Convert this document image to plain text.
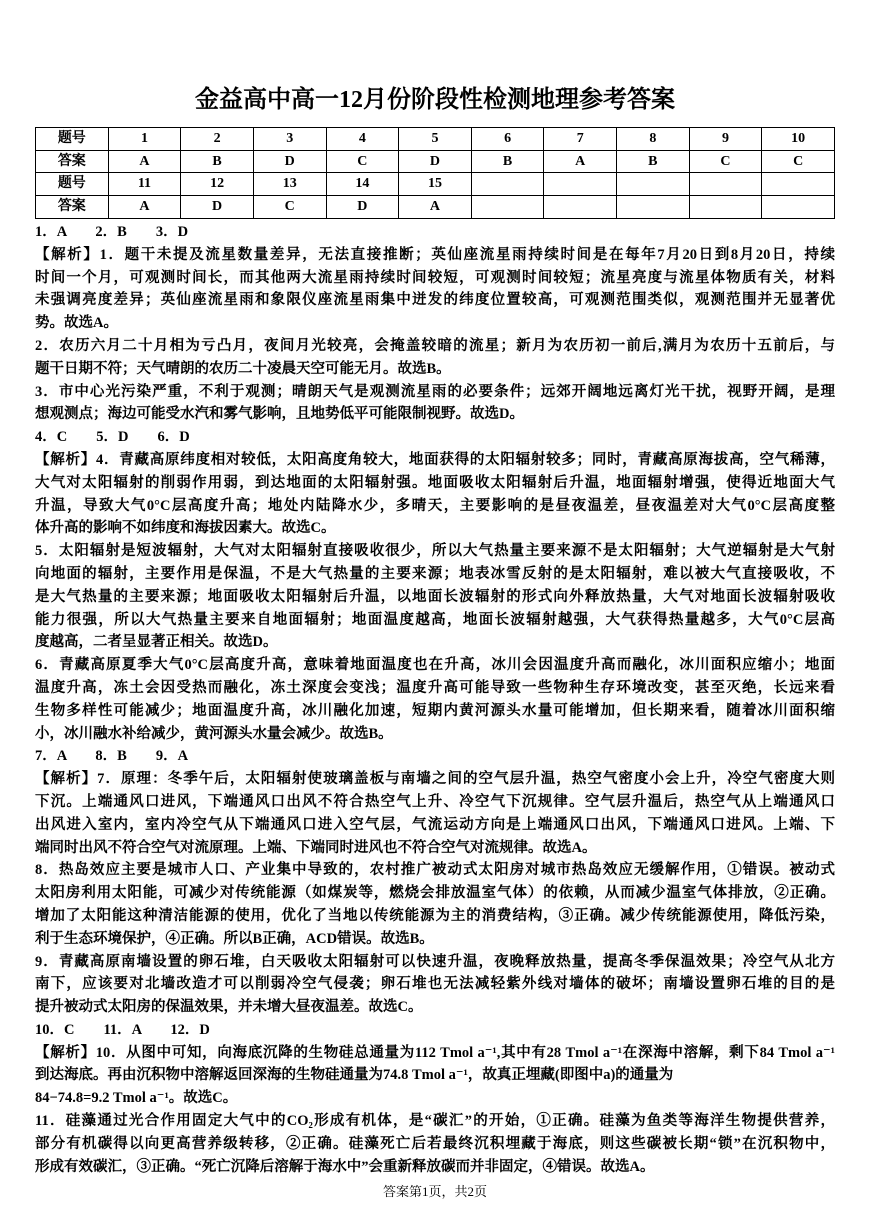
金益高中高一12月份阶段性检测地理参考答案
题号	1	2	3	4	5	6	7	8	9	10
答案	A	B	D	C	D	B	A	B	C	C
题号	11	12	13	14	15					
答案	A	D	C	D	A					
1．A　　2．B　　3．D
【解析】1．题干未提及流星数量差异，无法直接推断；英仙座流星雨持续时间是在每年7月20日到8月20日，持续
时间一个月，可观测时间长，而其他两大流星雨持续时间较短，可观测时间较短；流星亮度与流星体物质有关，材料
未强调亮度差异；英仙座流星雨和象限仪座流星雨集中迸发的纬度位置较高，可观测范围类似，观测范围并无显著优
势。故选A。
2．农历六月二十月相为亏凸月，夜间月光较亮，会掩盖较暗的流星；新月为农历初一前后,满月为农历十五前后，与
题干日期不符；天气晴朗的农历二十凌晨天空可能无月。故选B。
3．市中心光污染严重，不利于观测；晴朗天气是观测流星雨的必要条件；远郊开阔地远离灯光干扰，视野开阔，是理
想观测点；海边可能受水汽和雾气影响，且地势低平可能限制视野。故选D。
4．C　　5．D　　6．D
【解析】4．青藏高原纬度相对较低，太阳高度角较大，地面获得的太阳辐射较多；同时，青藏高原海拔高，空气稀薄，
大气对太阳辐射的削弱作用弱，到达地面的太阳辐射强。地面吸收太阳辐射后升温，地面辐射增强，使得近地面大气
升温，导致大气0°C层高度升高；地处内陆降水少，多晴天，主要影响的是昼夜温差，昼夜温差对大气0°C层高度整
体升高的影响不如纬度和海拔因素大。故选C。
5．太阳辐射是短波辐射，大气对太阳辐射直接吸收很少，所以大气热量主要来源不是太阳辐射；大气逆辐射是大气射
向地面的辐射，主要作用是保温，不是大气热量的主要来源；地表冰雪反射的是太阳辐射，难以被大气直接吸收，不
是大气热量的主要来源；地面吸收太阳辐射后升温，以地面长波辐射的形式向外释放热量，大气对地面长波辐射吸收
能力很强，所以大气热量主要来自地面辐射；地面温度越高，地面长波辐射越强，大气获得热量越多，大气0°C层高
度越高，二者呈显著正相关。故选D。
6．青藏高原夏季大气0°C层高度升高，意味着地面温度也在升高，冰川会因温度升高而融化，冰川面积应缩小；地面
温度升高，冻土会因受热而融化，冻土深度会变浅；温度升高可能导致一些物种生存环境改变，甚至灭绝，长远来看
生物多样性可能减少；地面温度升高，冰川融化加速，短期内黄河源头水量可能增加，但长期来看，随着冰川面积缩
小，冰川融水补给减少，黄河源头水量会减少。故选B。
7．A　　8．B　　9．A
【解析】7．原理：冬季午后，太阳辐射使玻璃盖板与南墙之间的空气层升温，热空气密度小会上升，冷空气密度大则
下沉。上端通风口进风，下端通风口出风不符合热空气上升、冷空气下沉规律。空气层升温后，热空气从上端通风口
出风进入室内，室内冷空气从下端通风口进入空气层，气流运动方向是上端通风口出风，下端通风口进风。上端、下
端同时出风不符合空气对流原理。上端、下端同时进风也不符合空气对流规律。故选A。
8．热岛效应主要是城市人口、产业集中导致的，农村推广被动式太阳房对城市热岛效应无缓解作用，①错误。被动式
太阳房利用太阳能，可减少对传统能源（如煤炭等，燃烧会排放温室气体）的依赖，从而减少温室气体排放，②正确。
增加了太阳能这种清洁能源的使用，优化了当地以传统能源为主的消费结构，③正确。减少传统能源使用，降低污染，
利于生态环境保护，④正确。所以B正确，ACD错误。故选B。
9．青藏高原南墙设置的卵石堆，白天吸收太阳辐射可以快速升温，夜晚释放热量，提高冬季保温效果；冷空气从北方
南下，应该要对北墙改造才可以削弱冷空气侵袭；卵石堆也无法减轻紫外线对墙体的破坏；南墙设置卵石堆的目的是
提升被动式太阳房的保温效果，并未增大昼夜温差。故选C。
10．C　　11．A　　12．D
【解析】10．从图中可知，向海底沉降的生物硅总通量为112 Tmol a⁻¹,其中有28 Tmol a⁻¹在深海中溶解，剩下84 Tmol a⁻¹
到达海底。再由沉积物中溶解返回深海的生物硅通量为74.8 Tmol a⁻¹，故真正埋藏(即图中a)的通量为
84−74.8=9.2 Tmol a⁻¹。故选C。
11．硅藻通过光合作用固定大气中的CO₂形成有机体，是“碳汇”的开始，①正确。硅藻为鱼类等海洋生物提供营养，
部分有机碳得以向更高营养级转移，②正确。硅藻死亡后若最终沉积埋藏于海底，则这些碳被长期“锁”在沉积物中，
形成有效碳汇，③正确。“死亡沉降后溶解于海水中”会重新释放碳而并非固定，④错误。故选A。
答案第1页，共2页
